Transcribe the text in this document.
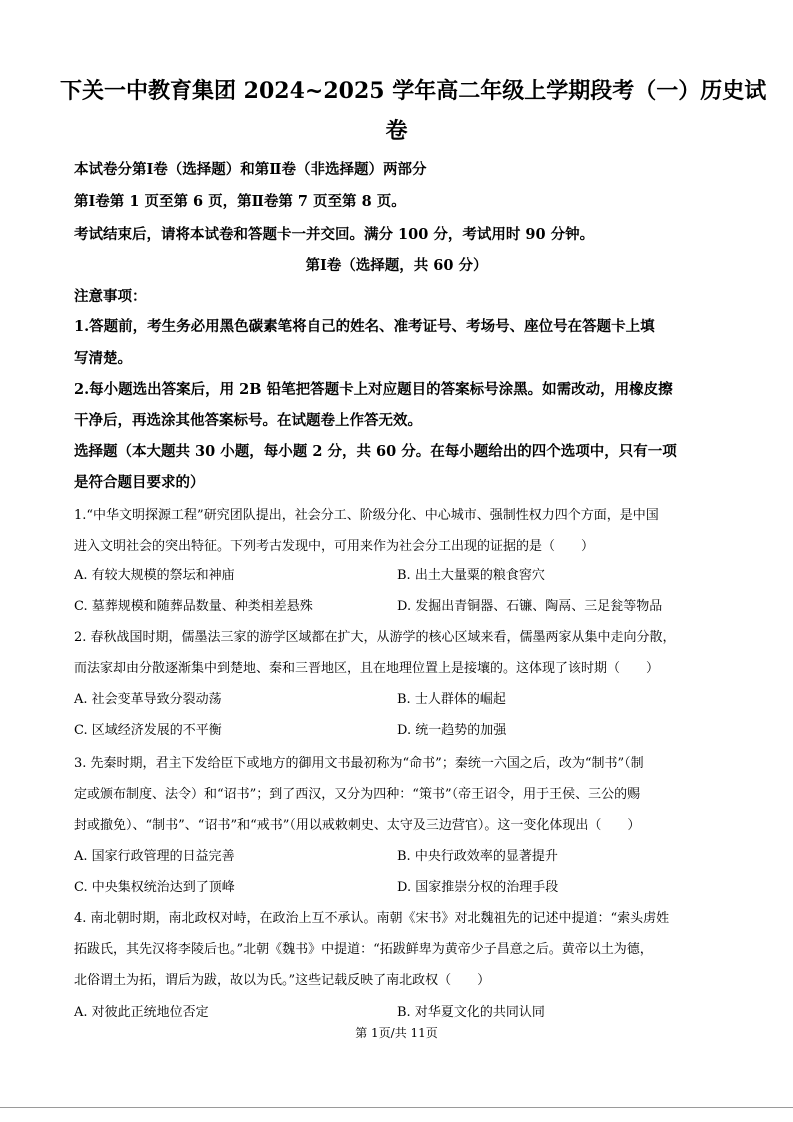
下关一中教育集团 2024~2025 学年高二年级上学期段考（一）历史试
卷
本试卷分第Ⅰ卷（选择题）和第Ⅱ卷（非选择题）两部分
第Ⅰ卷第 1 页至第 6 页，第Ⅱ卷第 7 页至第 8 页。
考试结束后，请将本试卷和答题卡一并交回。满分 100 分，考试用时 90 分钟。
第Ⅰ卷（选择题，共 60 分）
注意事项：
1.答题前，考生务必用黑色碳素笔将自己的姓名、准考证号、考场号、座位号在答题卡上填
写清楚。
2.每小题选出答案后，用 2B 铅笔把答题卡上对应题目的答案标号涂黑。如需改动，用橡皮擦
干净后，再选涂其他答案标号。在试题卷上作答无效。
选择题（本大题共 30 小题，每小题 2 分，共 60 分。在每小题给出的四个选项中，只有一项
是符合题目要求的）
1.“中华文明探源工程”研究团队提出，社会分工、阶级分化、中心城市、强制性权力四个方面，是中国
进入文明社会的突出特征。下列考古发现中，可用来作为社会分工出现的证据的是（　　）
A. 有较大规模的祭坛和神庙	B. 出土大量粟的粮食窖穴
C. 墓葬规模和随葬品数量、种类相差悬殊	D. 发掘出青铜器、石镰、陶鬲、三足瓮等物品
2. 春秋战国时期，儒墨法三家的游学区域都在扩大，从游学的核心区域来看，儒墨两家从集中走向分散，
而法家却由分散逐渐集中到楚地、秦和三晋地区，且在地理位置上是接壤的。这体现了该时期（　　）
A. 社会变革导致分裂动荡	B. 士人群体的崛起
C. 区域经济发展的不平衡	D. 统一趋势的加强
3. 先秦时期，君主下发给臣下或地方的御用文书最初称为“命书”；秦统一六国之后，改为“制书”（制
定或颁布制度、法令）和“诏书”；到了西汉，又分为四种：“策书”（帝王诏令，用于王侯、三公的赐
封或撤免）、“制书”、“诏书”和“戒书”（用以戒敕刺史、太守及三边营官）。这一变化体现出（　　）
A. 国家行政管理的日益完善	B. 中央行政效率的显著提升
C. 中央集权统治达到了顶峰	D. 国家推崇分权的治理手段
4. 南北朝时期，南北政权对峙，在政治上互不承认。南朝《宋书》对北魏祖先的记述中提道：“索头虏姓
拓跋氏，其先汉将李陵后也。”北朝《魏书》中提道：“拓跋鲜卑为黄帝少子昌意之后。黄帝以土为德，
北俗谓土为拓，谓后为跋，故以为氏。”这些记载反映了南北政权（　　）
A. 对彼此正统地位否定	B. 对华夏文化的共同认同
第 1页/共 11页
